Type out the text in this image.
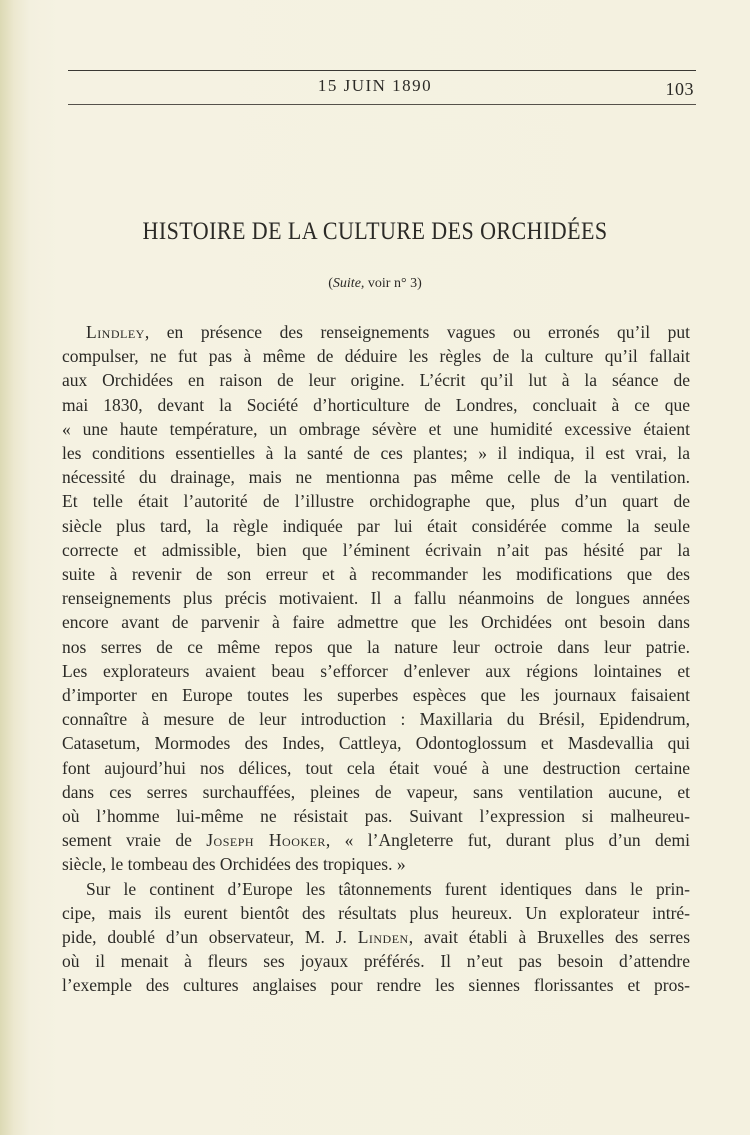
15 JUIN 1890	103
HISTOIRE DE LA CULTURE DES ORCHIDÉES
(Suite, voir n° 3)
Lindley, en présence des renseignements vagues ou erronés qu’il put
compulser, ne fut pas à même de déduire les règles de la culture qu’il fallait
aux Orchidées en raison de leur origine. L’écrit qu’il lut à la séance de
mai 1830, devant la Société d’horticulture de Londres, concluait à ce que
« une haute température, un ombrage sévère et une humidité excessive étaient
les conditions essentielles à la santé de ces plantes; » il indiqua, il est vrai, la
nécessité du drainage, mais ne mentionna pas même celle de la ventilation.
Et telle était l’autorité de l’illustre orchidographe que, plus d’un quart de
siècle plus tard, la règle indiquée par lui était considérée comme la seule
correcte et admissible, bien que l’éminent écrivain n’ait pas hésité par la
suite à revenir de son erreur et à recommander les modifications que des
renseignements plus précis motivaient. Il a fallu néanmoins de longues années
encore avant de parvenir à faire admettre que les Orchidées ont besoin dans
nos serres de ce même repos que la nature leur octroie dans leur patrie.
Les explorateurs avaient beau s’efforcer d’enlever aux régions lointaines et
d’importer en Europe toutes les superbes espèces que les journaux faisaient
connaître à mesure de leur introduction : Maxillaria du Brésil, Epidendrum,
Catasetum, Mormodes des Indes, Cattleya, Odontoglossum et Masdevallia qui
font aujourd’hui nos délices, tout cela était voué à une destruction certaine
dans ces serres surchauffées, pleines de vapeur, sans ventilation aucune, et
où l’homme lui-même ne résistait pas. Suivant l’expression si malheureu-
sement vraie de Joseph Hooker, « l’Angleterre fut, durant plus d’un demi
siècle, le tombeau des Orchidées des tropiques. »
Sur le continent d’Europe les tâtonnements furent identiques dans le prin-
cipe, mais ils eurent bientôt des résultats plus heureux. Un explorateur intré-
pide, doublé d’un observateur, M. J. Linden, avait établi à Bruxelles des serres
où il menait à fleurs ses joyaux préférés. Il n’eut pas besoin d’attendre
l’exemple des cultures anglaises pour rendre les siennes florissantes et pros-
